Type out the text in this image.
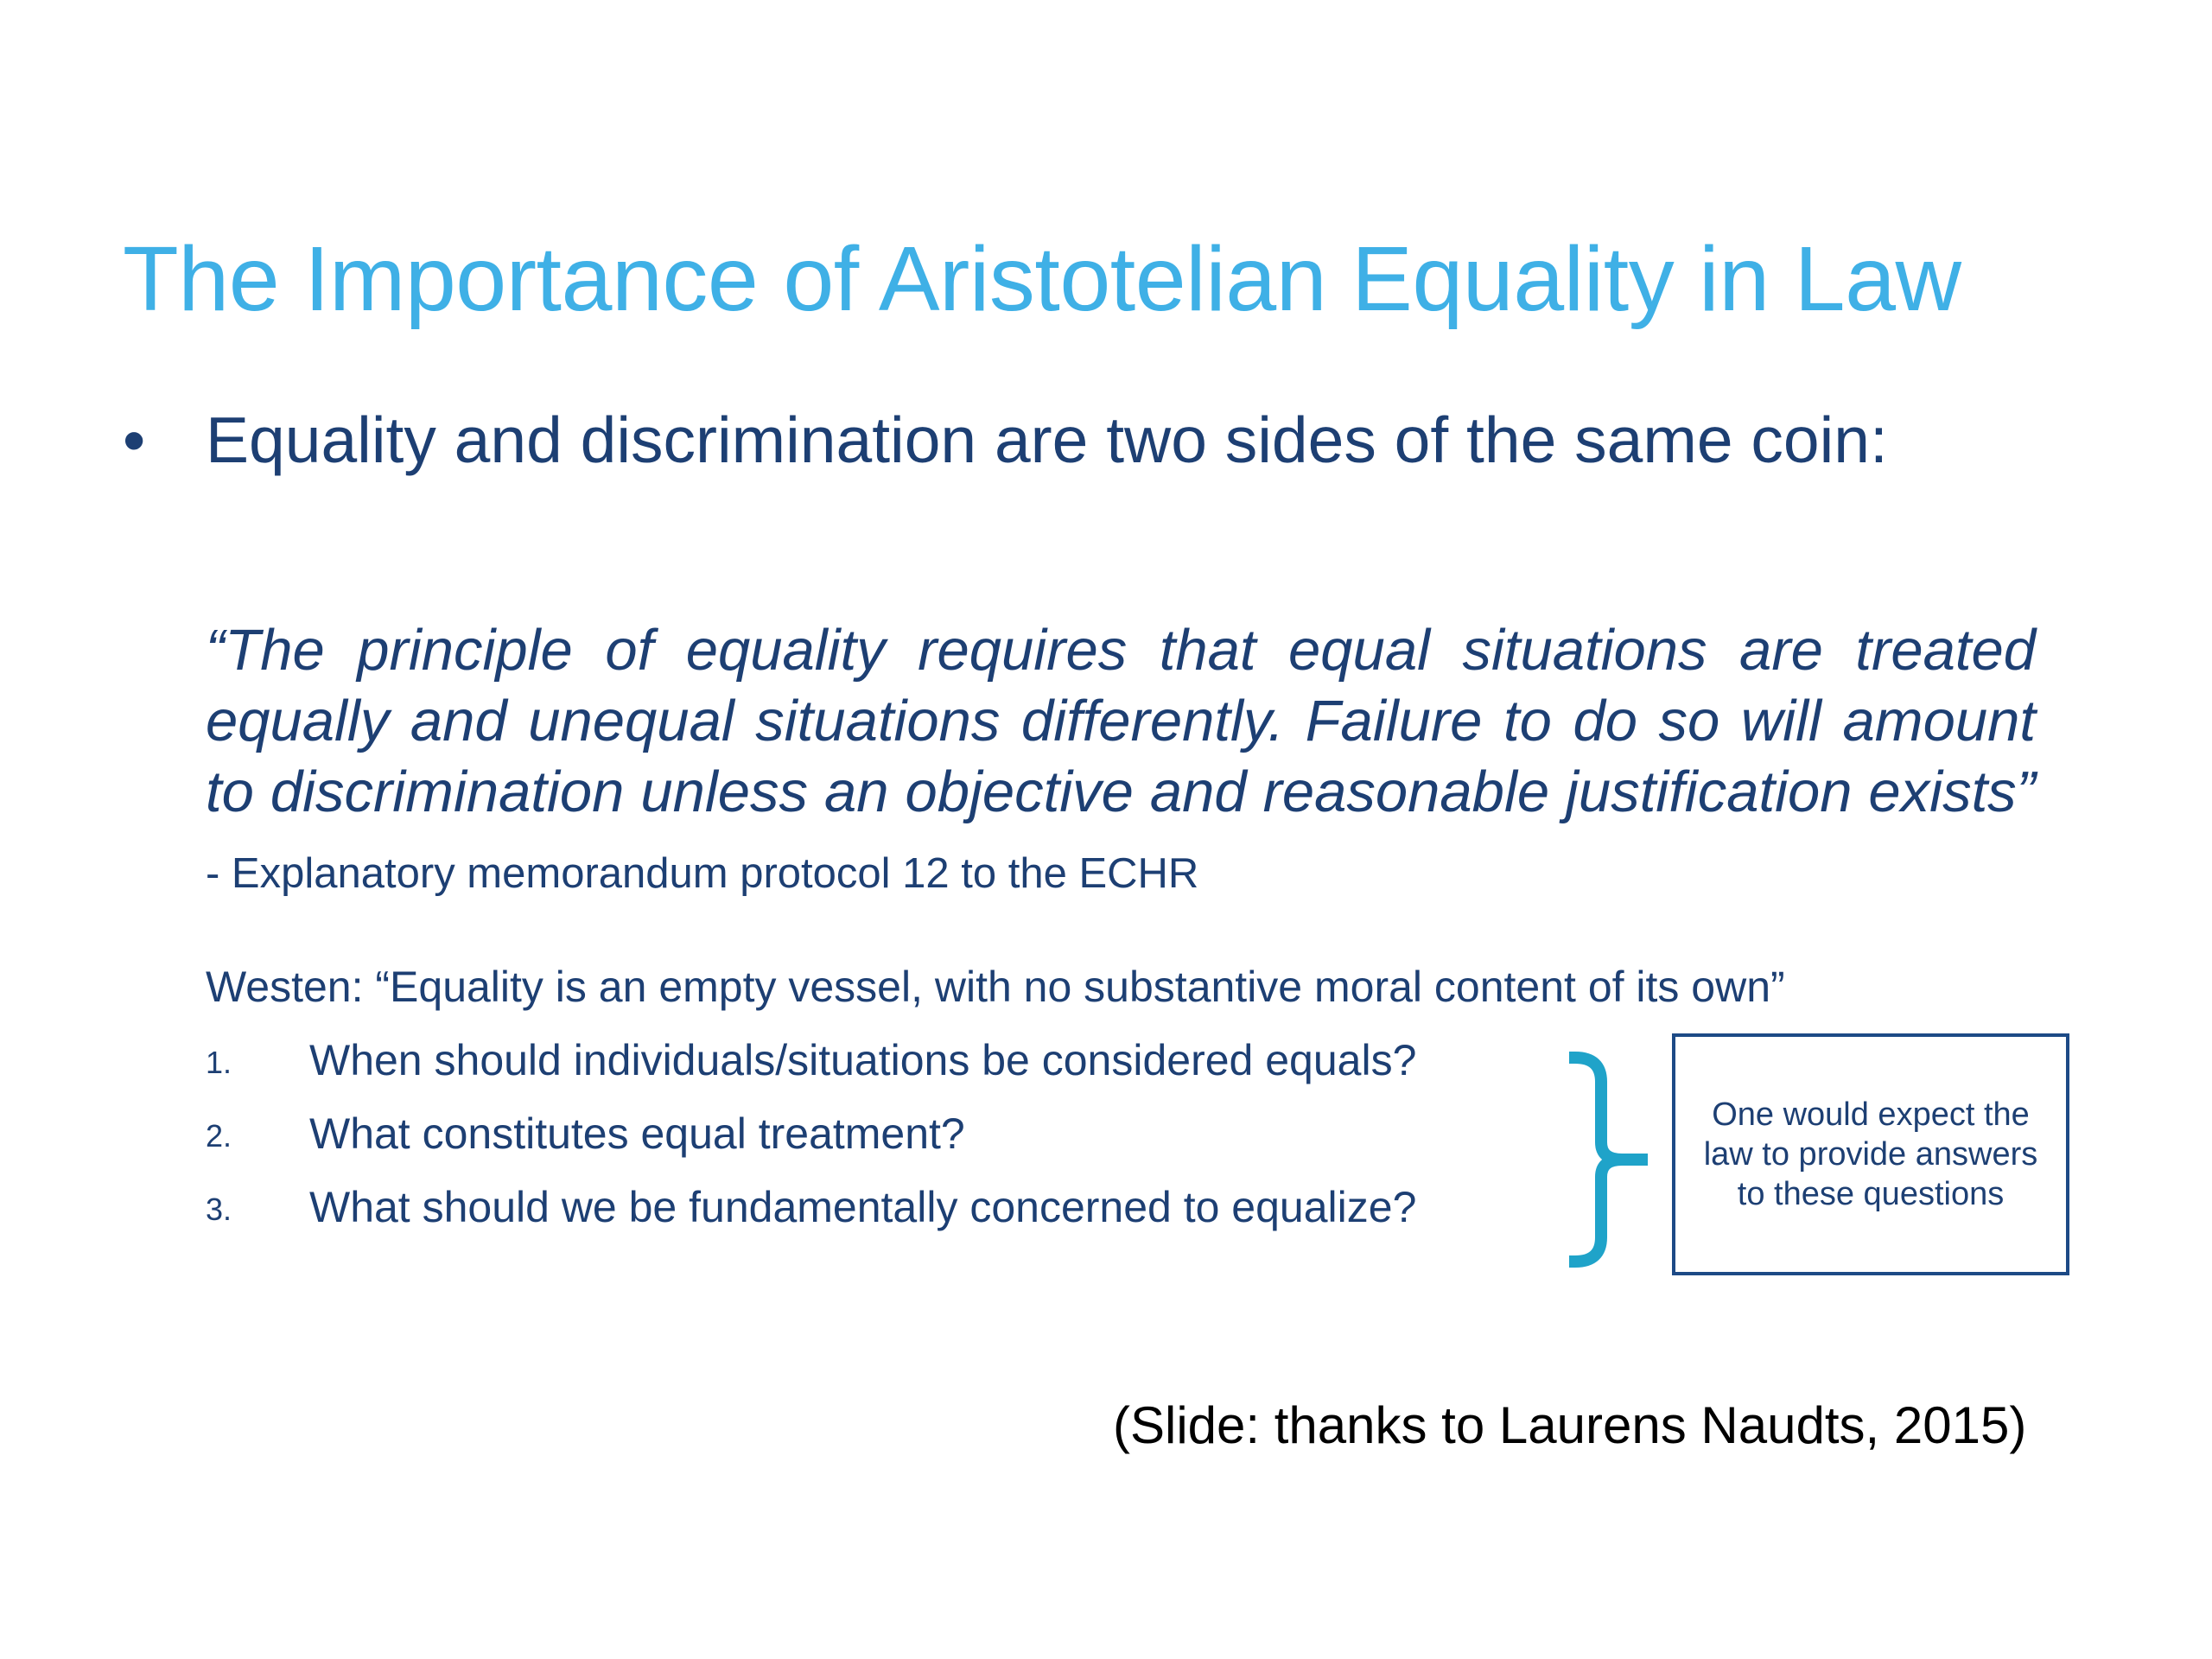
The Importance of Aristotelian Equality in Law
• Equality and discrimination are two sides of the same coin:
“The principle of equality requires that equal situations are treated equally and unequal situations differently. Failure to do so will amount to discrimination unless an objective and reasonable justification exists” - Explanatory memorandum protocol 12 to the ECHR
Westen: “Equality is an empty vessel, with no substantive moral content of its own”
1. When should individuals/situations be considered equals?
2. What constitutes equal treatment?
3. What should we be fundamentally concerned to equalize?
One would expect the law to provide answers to these questions
(Slide: thanks to Laurens Naudts, 2015)
